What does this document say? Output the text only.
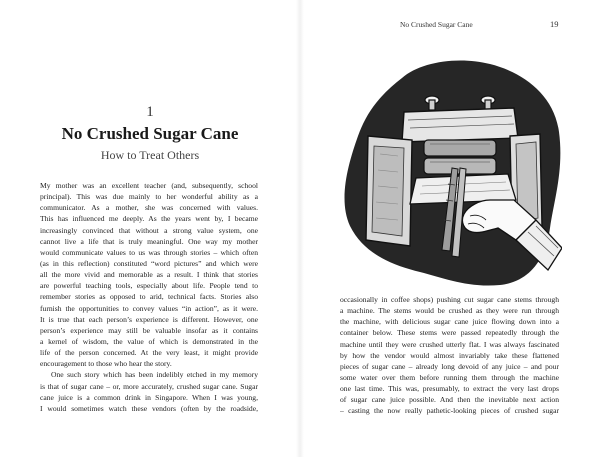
1
No Crushed Sugar Cane
How to Treat Others
My mother was an excellent teacher (and, subsequently, school
principal). This was due mainly to her wonderful ability as a
communicator. As a mother, she was concerned with values.
This has influenced me deeply. As the years went by, I became
increasingly convinced that without a strong value system, one
cannot live a life that is truly meaningful. One way my mother
would communicate values to us was through stories – which often
(as in this reflection) constituted “word pictures” and which were
all the more vivid and memorable as a result. I think that stories
are powerful teaching tools, especially about life. People tend to
remember stories as opposed to arid, technical facts. Stories also
furnish the opportunities to convey values “in action”, as it were.
It is true that each person’s experience is different. However, one
person’s experience may still be valuable insofar as it contains
a kernel of wisdom, the value of which is demonstrated in the
life of the person concerned. At the very least, it might provide
encouragement to those who hear the story.
One such story which has been indelibly etched in my memory
is that of sugar cane – or, more accurately, crushed sugar cane. Sugar
cane juice is a common drink in Singapore. When I was young,
I would sometimes watch these vendors (often by the roadside,
No Crushed Sugar Cane	19
occasionally in coffee shops) pushing cut sugar cane stems through
a machine. The stems would be crushed as they were run through
the machine, with delicious sugar cane juice flowing down into a
container below. These stems were passed repeatedly through the
machine until they were crushed utterly flat. I was always fascinated
by how the vendor would almost invariably take these flattened
pieces of sugar cane – already long devoid of any juice – and pour
some water over them before running them through the machine
one last time. This was, presumably, to extract the very last drops
of sugar cane juice possible. And then the inevitable next action
– casting the now really pathetic-looking pieces of crushed sugar
